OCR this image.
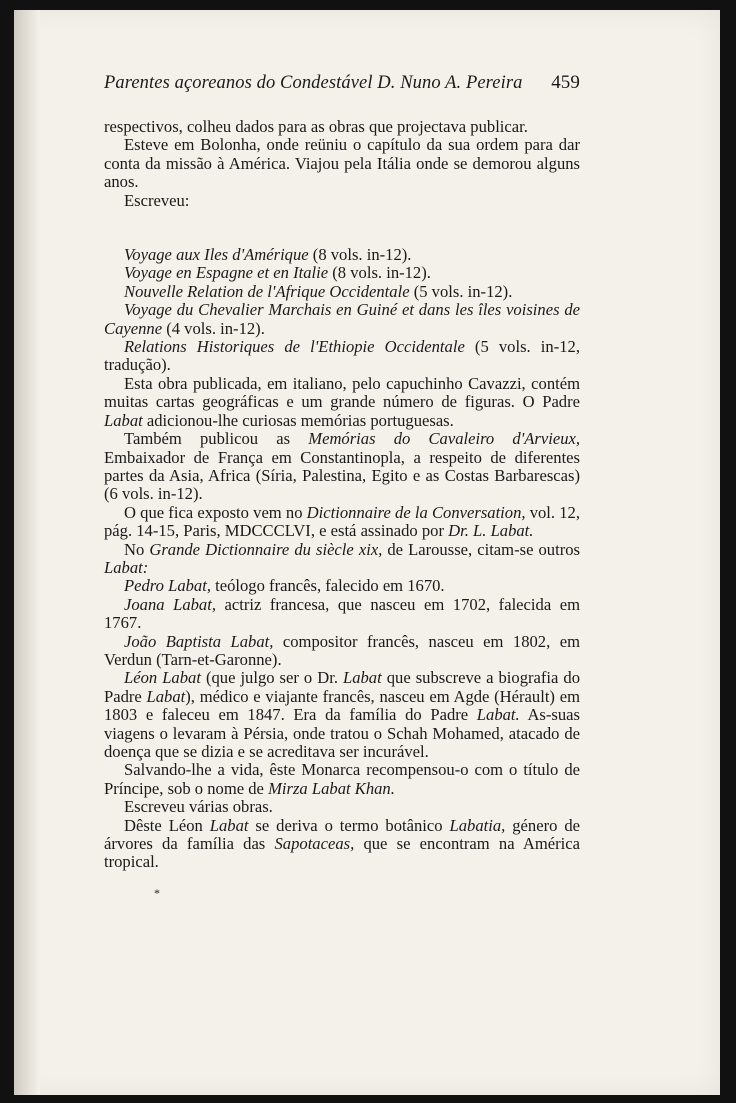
Parentes açoreanos do Condestável D. Nuno A. Pereira 459

respectivos, colheu dados para as obras que projectava publicar.

Esteve em Bolonha, onde reüniu o capítulo da sua ordem para dar conta da missão à América. Viajou pela Itália onde se demorou alguns anos.

Escreveu:

Voyage aux Iles d'Amérique (8 vols. in-12).

Voyage en Espagne et en Italie (8 vols. in-12).

Nouvelle Relation de l'Afrique Occidentale (5 vols. in-12).

Voyage du Chevalier Marchais en Guiné et dans les îles voisines de Cayenne (4 vols. in-12).

Relations Historiques de l'Ethiopie Occidentale (5 vols. in-12, tradução).

Esta obra publicada, em italiano, pelo capuchinho Cavazzi, contém muitas cartas geográficas e um grande número de figuras. O Padre Labat adicionou-lhe curiosas memórias portuguesas.

Também publicou as Memórias do Cavaleiro d'Arvieux, Embaixador de França em Constantinopla, a respeito de diferentes partes da Asia, Africa (Síria, Palestina, Egito e as Costas Barbarescas) (6 vols. in-12).

O que fica exposto vem no Dictionnaire de la Conversation, vol. 12, pág. 14-15, Paris, MDCCCLVI, e está assinado por Dr. L. Labat.

No Grande Dictionnaire du siècle xix, de Larousse, citam-se outros Labat:

Pedro Labat, teólogo francês, falecido em 1670.

Joana Labat, actriz francesa, que nasceu em 1702, falecida em 1767.

João Baptista Labat, compositor francês, nasceu em 1802, em Verdun (Tarn-et-Garonne).

Léon Labat (que julgo ser o Dr. Labat que subscreve a biografia do Padre Labat), médico e viajante francês, nasceu em Agde (Hérault) em 1803 e faleceu em 1847. Era da família do Padre Labat. As-suas viagens o levaram à Pérsia, onde tratou o Schah Mohamed, atacado de doença que se dizia e se acreditava ser incurável.

Salvando-lhe a vida, êste Monarca recompensou-o com o título de Príncipe, sob o nome de Mirza Labat Khan.

Escreveu várias obras.

Dêste Léon Labat se deriva o termo botânico Labatia, género de árvores da família das Sapotaceas, que se encontram na América tropical.

*
